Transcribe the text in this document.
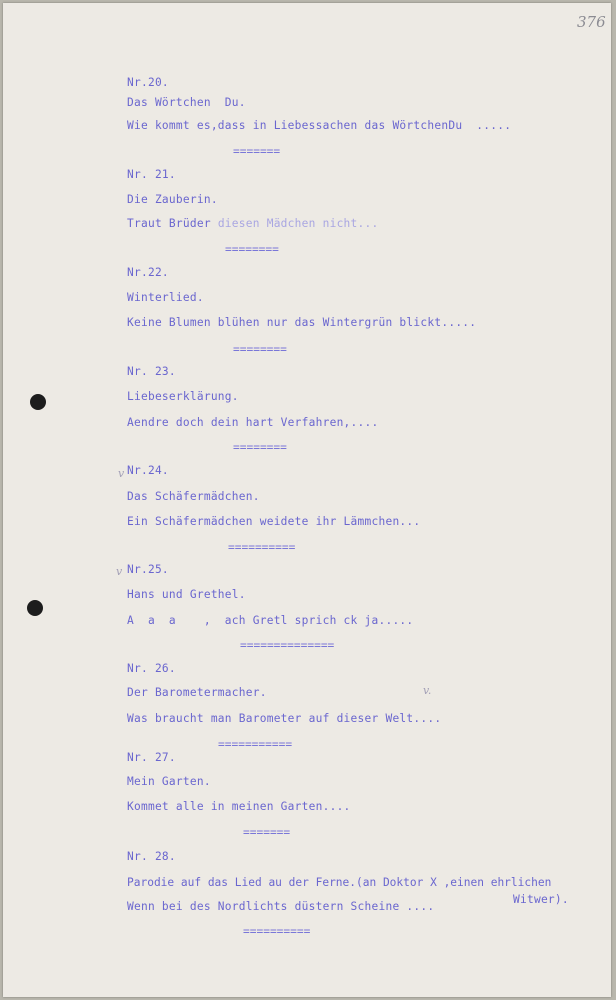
376

Nr.20.

Das Wörtchen  Du.

Wie kommt es,dass in Liebessachen das WörtchenDu  .....

=======

Nr. 21.

Die Zauberin.

Traut Brüder diesen Mädchen nicht...

========

Nr.22.

Winterlied.

Keine Blumen blühen nur das Wintergrün blickt.....

========

Nr. 23.

Liebeserklärung.

Aendre doch dein hart Verfahren,....

========

v Nr.24.

Das Schäfermädchen.

Ein Schäfermädchen weidete ihr Lämmchen...

==========

v Nr.25.

Hans und Grethel.

A  a  a    ,  ach Gretl sprich ck ja.....

==============

Nr. 26.

Der Barometermacher.	v.

Was braucht man Barometer auf dieser Welt....

===========

Nr. 27.

Mein Garten.

Kommet alle in meinen Garten....

=======

Nr. 28.

Parodie auf das Lied au der Ferne.(an Doktor X ,einen ehrlichen

Witwer).

Wenn bei des Nordlichts düstern Scheine ....

==========
